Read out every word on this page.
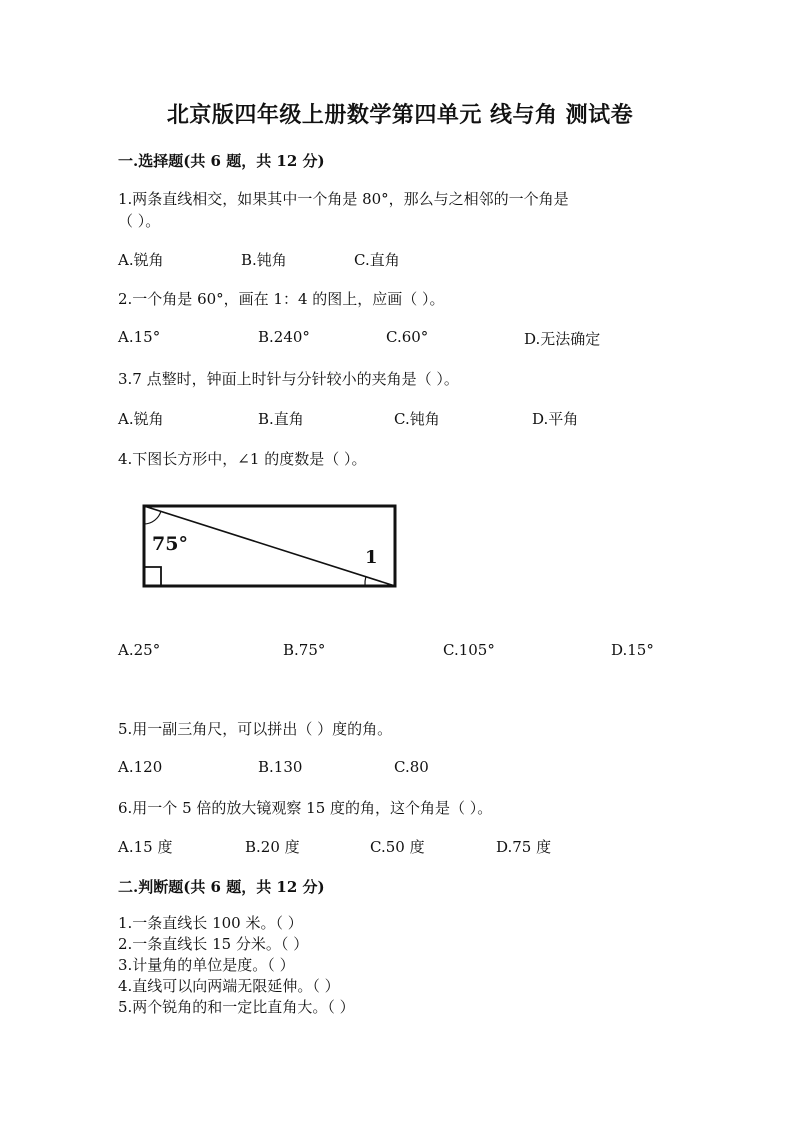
北京版四年级上册数学第四单元 线与角 测试卷
一.选择题(共 6 题，共 12 分)
1.两条直线相交，如果其中一个角是 80°，那么与之相邻的一个角是
（ ）。
A.锐角	B.钝角	C.直角
2.一个角是 60°，画在 1：4 的图上，应画（ ）。
A.15°	B.240°	C.60°	D.无法确定
3.7 点整时，钟面上时针与分针较小的夹角是（ ）。
A.锐角	B.直角	C.钝角	D.平角
4.下图长方形中，∠1 的度数是（ ）。
75°
1
A.25°	B.75°	C.105°	D.15°
5.用一副三角尺，可以拼出（ ）度的角。
A.120	B.130	C.80
6.用一个 5 倍的放大镜观察 15 度的角，这个角是（ ）。
A.15 度	B.20 度	C.50 度	D.75 度
二.判断题(共 6 题，共 12 分)
1.一条直线长 100 米。（ ）
2.一条直线长 15 分米。（ ）
3.计量角的单位是度。（ ）
4.直线可以向两端无限延伸。（ ）
5.两个锐角的和一定比直角大。（ ）
